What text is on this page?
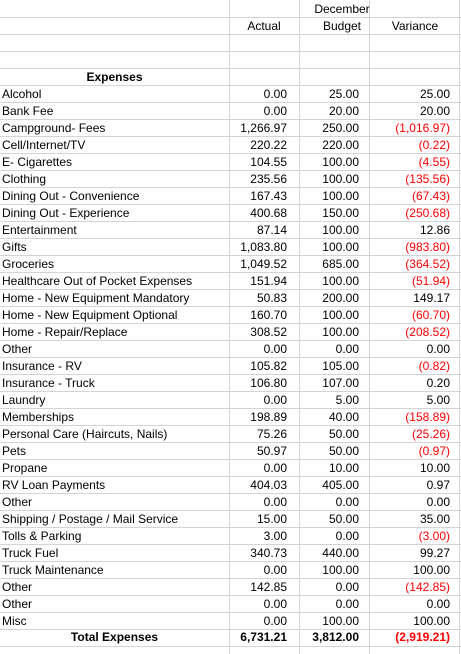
December
Actual	Budget	Variance
Expenses
Alcohol	0.00	25.00	25.00
Bank Fee	0.00	20.00	20.00
Campground- Fees	1,266.97	250.00	(1,016.97)
Cell/Internet/TV	220.22	220.00	(0.22)
E- Cigarettes	104.55	100.00	(4.55)
Clothing	235.56	100.00	(135.56)
Dining Out - Convenience	167.43	100.00	(67.43)
Dining Out - Experience	400.68	150.00	(250.68)
Entertainment	87.14	100.00	12.86
Gifts	1,083.80	100.00	(983.80)
Groceries	1,049.52	685.00	(364.52)
Healthcare Out of Pocket Expenses	151.94	100.00	(51.94)
Home - New Equipment Mandatory	50.83	200.00	149.17
Home - New Equipment Optional	160.70	100.00	(60.70)
Home - Repair/Replace	308.52	100.00	(208.52)
Other	0.00	0.00	0.00
Insurance - RV	105.82	105.00	(0.82)
Insurance - Truck	106.80	107.00	0.20
Laundry	0.00	5.00	5.00
Memberships	198.89	40.00	(158.89)
Personal Care (Haircuts, Nails)	75.26	50.00	(25.26)
Pets	50.97	50.00	(0.97)
Propane	0.00	10.00	10.00
RV Loan Payments	404.03	405.00	0.97
Other	0.00	0.00	0.00
Shipping / Postage / Mail Service	15.00	50.00	35.00
Tolls & Parking	3.00	0.00	(3.00)
Truck Fuel	340.73	440.00	99.27
Truck Maintenance	0.00	100.00	100.00
Other	142.85	0.00	(142.85)
Other	0.00	0.00	0.00
Misc	0.00	100.00	100.00
Total Expenses	6,731.21	3,812.00	(2,919.21)
